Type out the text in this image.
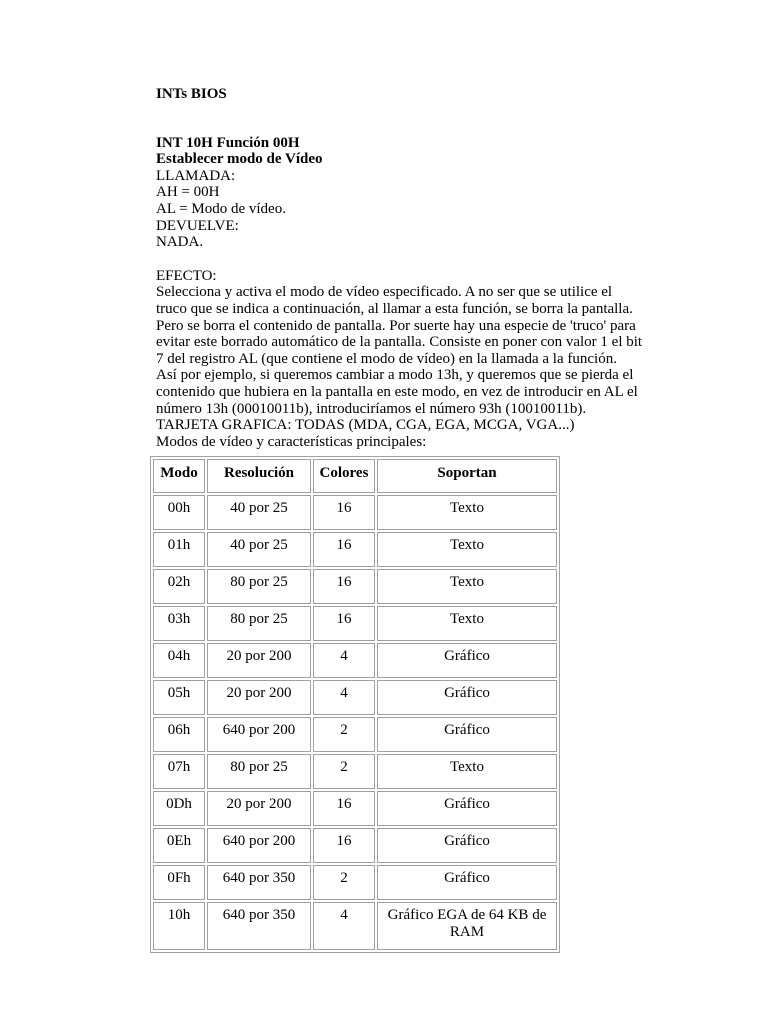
INTs BIOS

INT 10H Función 00H

Establecer modo de Vídeo

LLAMADA:

AH = 00H

AL = Modo de vídeo.

DEVUELVE:

NADA.

EFECTO:

Selecciona y activa el modo de vídeo especificado. A no ser que se utilice el

truco que se indica a continuación, al llamar a esta función, se borra la pantalla.

Pero se borra el contenido de pantalla. Por suerte hay una especie de 'truco' para

evitar este borrado automático de la pantalla. Consiste en poner con valor 1 el bit

7 del registro AL (que contiene el modo de vídeo) en la llamada a la función.

Así por ejemplo, si queremos cambiar a modo 13h, y queremos que se pierda el

contenido que hubiera en la pantalla en este modo, en vez de introducir en AL el

número 13h (00010011b), introduciríamos el número 93h (10010011b).

TARJETA GRAFICA: TODAS (MDA, CGA, EGA, MCGA, VGA...)

Modos de vídeo y características principales:

Modo	Resolución	Colores	Soportan
00h	40 por 25	16	Texto
01h	40 por 25	16	Texto
02h	80 por 25	16	Texto
03h	80 por 25	16	Texto
04h	20 por 200	4	Gráfico
05h	20 por 200	4	Gráfico
06h	640 por 200	2	Gráfico
07h	80 por 25	2	Texto
0Dh	20 por 200	16	Gráfico
0Eh	640 por 200	16	Gráfico
0Fh	640 por 350	2	Gráfico
10h	640 por 350	4	Gráfico EGA de 64 KB de RAM
